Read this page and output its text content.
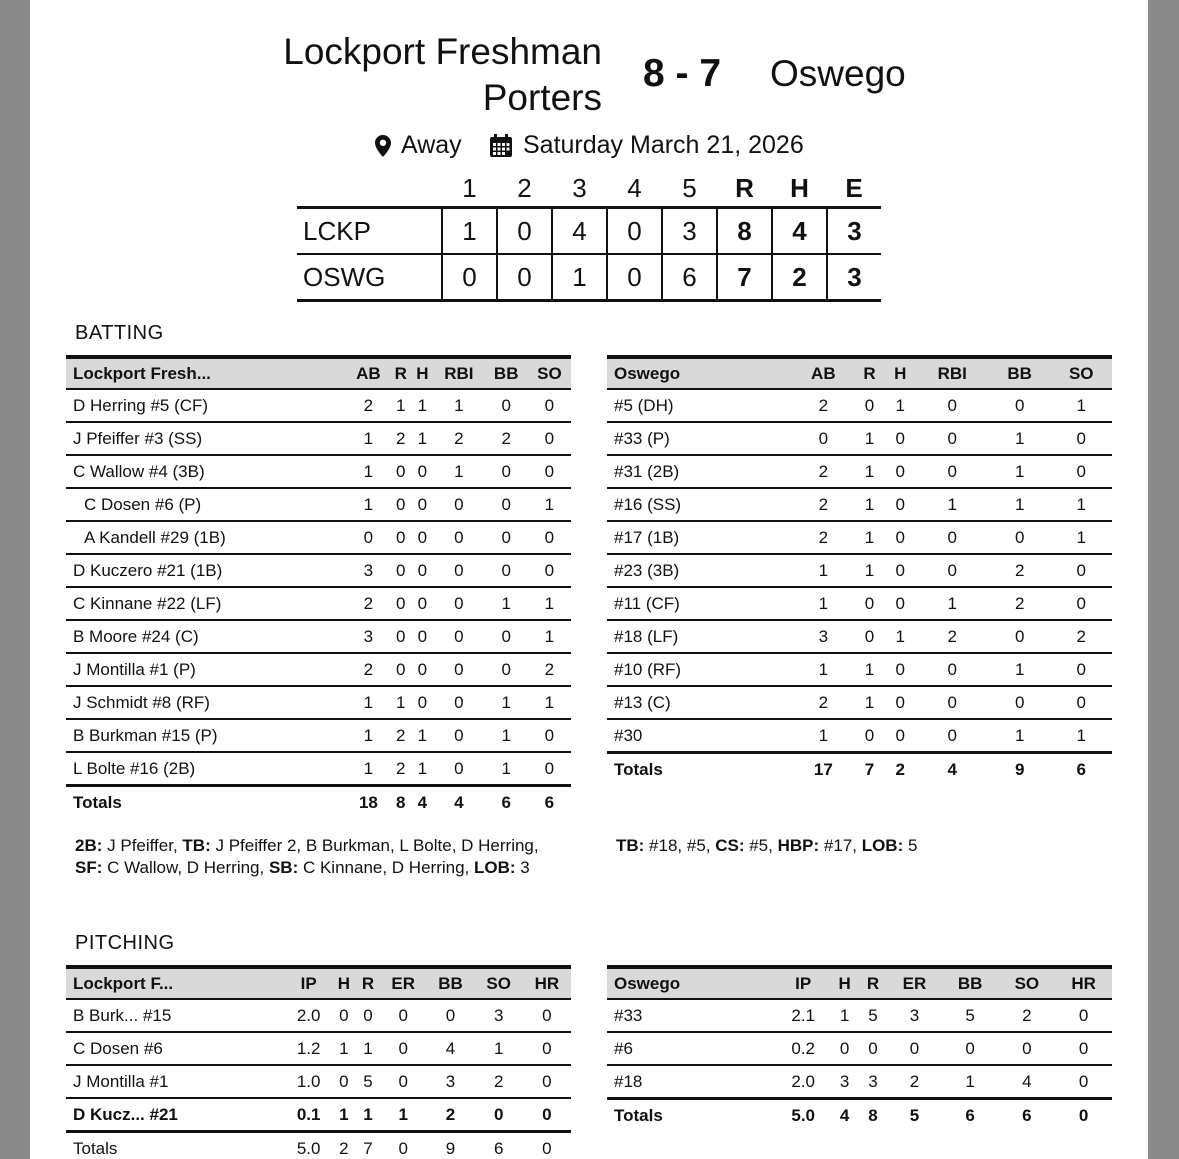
Lockport Freshman
Porters
8 - 7 Oswego
Away Saturday March 21, 2026
	1	2	3	4	5	R	H	E
LCKP	1	0	4	0	3	8	4	3
OSWG	0	0	1	0	6	7	2	3
BATTING
Lockport Fresh...	AB	R	H	RBI	BB	SO
D Herring #5 (CF)	2	1	1	1	0	0
J Pfeiffer #3 (SS)	1	2	1	2	2	0
C Wallow #4 (3B)	1	0	0	1	0	0
C Dosen #6 (P)	1	0	0	0	0	1
A Kandell #29 (1B)	0	0	0	0	0	0
D Kuczero #21 (1B)	3	0	0	0	0	0
C Kinnane #22 (LF)	2	0	0	0	1	1
B Moore #24 (C)	3	0	0	0	0	1
J Montilla #1 (P)	2	0	0	0	0	2
J Schmidt #8 (RF)	1	1	0	0	1	1
B Burkman #15 (P)	1	2	1	0	1	0
L Bolte #16 (2B)	1	2	1	0	1	0
Totals	18	8	4	4	6	6
Oswego	AB	R	H	RBI	BB	SO
#5 (DH)	2	0	1	0	0	1
#33 (P)	0	1	0	0	1	0
#31 (2B)	2	1	0	0	1	0
#16 (SS)	2	1	0	1	1	1
#17 (1B)	2	1	0	0	0	1
#23 (3B)	1	1	0	0	2	0
#11 (CF)	1	0	0	1	2	0
#18 (LF)	3	0	1	2	0	2
#10 (RF)	1	1	0	0	1	0
#13 (C)	2	1	0	0	0	0
#30	1	0	0	0	1	1
Totals	17	7	2	4	9	6
2B: J Pfeiffer, TB: J Pfeiffer 2, B Burkman, L Bolte, D Herring, SF: C Wallow, D Herring, SB: C Kinnane, D Herring, LOB: 3
TB: #18, #5, CS: #5, HBP: #17, LOB: 5
PITCHING
Lockport F...	IP	H	R	ER	BB	SO	HR
B Burk... #15	2.0	0	0	0	0	3	0
C Dosen #6	1.2	1	1	0	4	1	0
J Montilla #1	1.0	0	5	0	3	2	0
D Kucz... #21	0.1	1	1	1	2	0	0
Totals	5.0	2	7	0	9	6	0
Oswego	IP	H	R	ER	BB	SO	HR
#33	2.1	1	5	3	5	2	0
#6	0.2	0	0	0	0	0	0
#18	2.0	3	3	2	1	4	0
Totals	5.0	4	8	5	6	6	0
